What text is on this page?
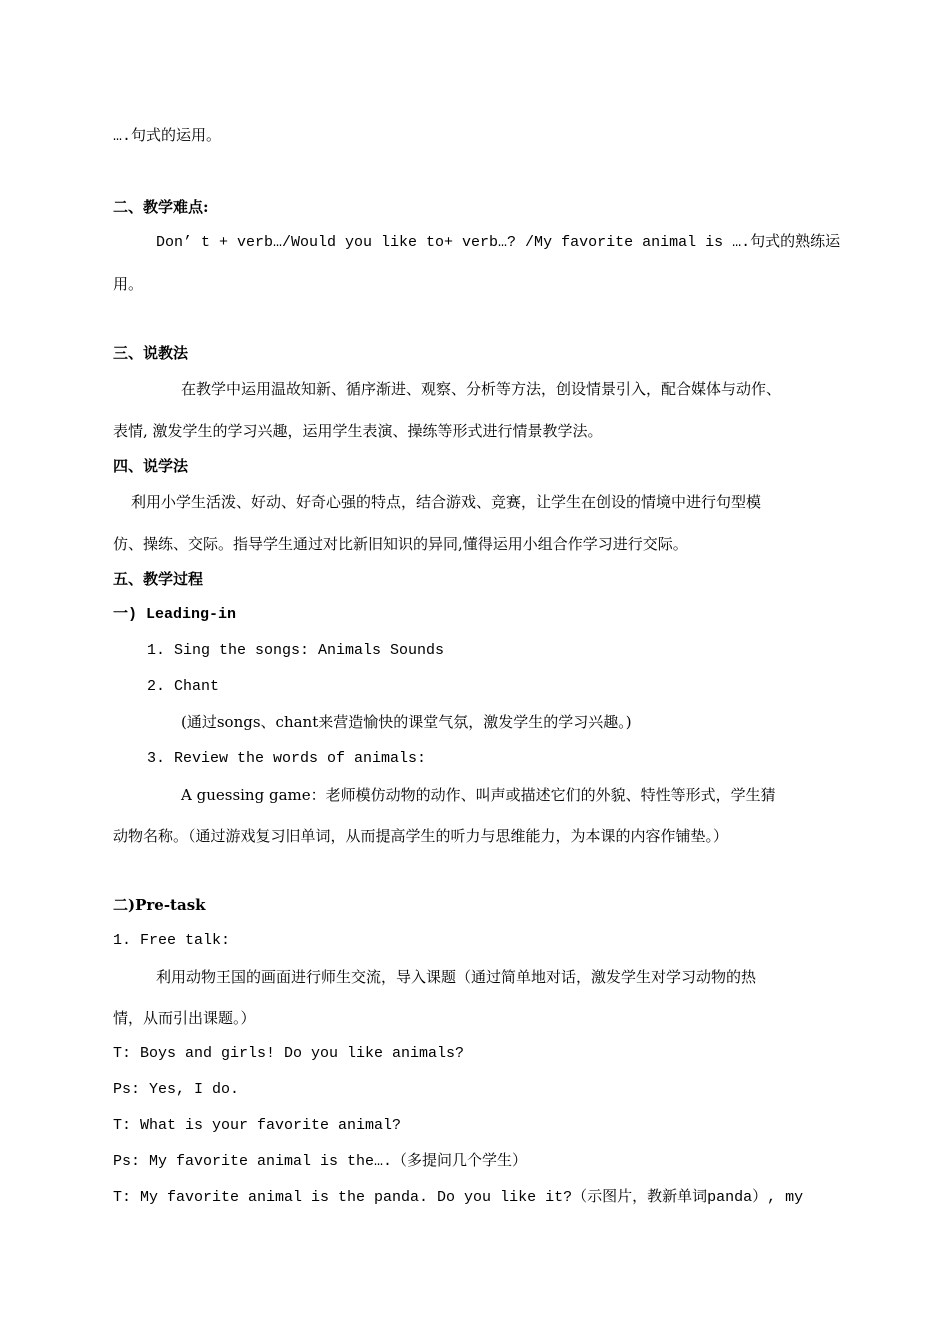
….句式的运用。
二、教学难点:
Don’ t + verb…/Would you like to+ verb…? /My favorite animal is ….句式的熟练运
用。
三、说教法
在教学中运用温故知新、循序渐进、观察、分析等方法，创设情景引入，配合媒体与动作、
表情, 激发学生的学习兴趣，运用学生表演、操练等形式进行情景教学法。
四、说学法
利用小学生活泼、好动、好奇心强的特点，结合游戏、竞赛，让学生在创设的情境中进行句型模
仿、操练、交际。指导学生通过对比新旧知识的异同,懂得运用小组合作学习进行交际。
五、教学过程
一) Leading-in
1. Sing the songs: Animals Sounds
2. Chant
(通过songs、chant来营造愉快的课堂气氛，激发学生的学习兴趣。)
3. Review the words of animals:
A guessing game：老师模仿动物的动作、叫声或描述它们的外貌、特性等形式，学生猜
动物名称。（通过游戏复习旧单词，从而提高学生的听力与思维能力，为本课的内容作铺垫。）
二)Pre-task
1. Free talk:
利用动物王国的画面进行师生交流，导入课题（通过简单地对话，激发学生对学习动物的热
情，从而引出课题。）
T: Boys and girls! Do you like animals?
Ps: Yes, I do.
T: What is your favorite animal?
Ps: My favorite animal is the….（多提问几个学生）
T: My favorite animal is the panda. Do you like it?（示图片，教新单词panda）, my
